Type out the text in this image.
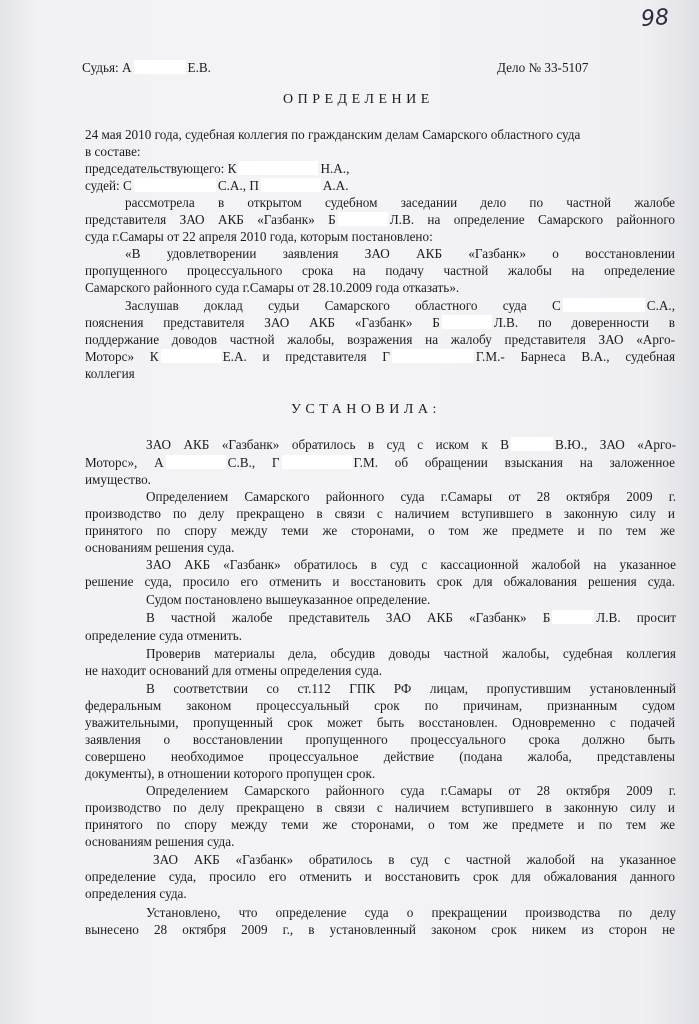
98
Судья: А	Е.В.	Дело № 33-5107
ОПРЕДЕЛЕНИЕ
24 мая 2010 года, судебная коллегия по гражданским делам Самарского областного суда
в составе:
председательствующего: К	Н.А.,
судей: С	С.А., П	А.А.
рассмотрела в открытом судебном заседании дело по частной жалобе
представителя ЗАО АКБ «Газбанк» Б	Л.В. на определение Самарского районного
суда г.Самары от 22 апреля 2010 года, которым постановлено:
«В удовлетворении заявления ЗАО АКБ «Газбанк» о восстановлении
пропущенного процессуального срока на подачу частной жалобы на определение
Самарского районного суда г.Самары от 28.10.2009 года отказать».
Заслушав доклад судьи Самарского областного суда С	С.А.,
пояснения представителя ЗАО АКБ «Газбанк» Б	Л.В. по доверенности в
поддержание доводов частной жалобы, возражения на жалобу представителя ЗАО «Арго-
Моторс» К	Е.А. и представителя Г	Г.М.- Барнеса В.А., судебная
коллегия
УСТАНОВИЛА:
ЗАО АКБ «Газбанк» обратилось в суд с иском к В	В.Ю., ЗАО «Арго-
Моторс», А	С.В., Г	Г.М. об обращении взыскания на заложенное
имущество.
Определением Самарского районного суда г.Самары от 28 октября 2009 г.
производство по делу прекращено в связи с наличием вступившего в законную силу и
принятого по спору между теми же сторонами, о том же предмете и по тем же
основаниям решения суда.
ЗАО АКБ «Газбанк» обратилось в суд с кассационной жалобой на указанное
решение суда, просило его отменить и восстановить срок для обжалования решения суда.
Судом постановлено вышеуказанное определение.
В частной жалобе представитель ЗАО АКБ «Газбанк» Б	Л.В. просит
определение суда отменить.
Проверив материалы дела, обсудив доводы частной жалобы, судебная коллегия
не находит оснований для отмены определения суда.
В соответствии со ст.112 ГПК РФ лицам, пропустившим установленный
федеральным законом процессуальный срок по причинам, признанным судом
уважительными, пропущенный срок может быть восстановлен. Одновременно с подачей
заявления о восстановлении пропущенного процессуального срока должно быть
совершено необходимое процессуальное действие (подана жалоба, представлены
документы), в отношении которого пропущен срок.
Определением Самарского районного суда г.Самары от 28 октября 2009 г.
производство по делу прекращено в связи с наличием вступившего в законную силу и
принятого по спору между теми же сторонами, о том же предмете и по тем же
основаниям решения суда.
ЗАО АКБ «Газбанк» обратилось в суд с частной жалобой на указанное
определение суда, просило его отменить и восстановить срок для обжалования данного
определения суда.
Установлено, что определение суда о прекращении производства по делу
вынесено 28 октября 2009 г., в установленный законом срок никем из сторон не
